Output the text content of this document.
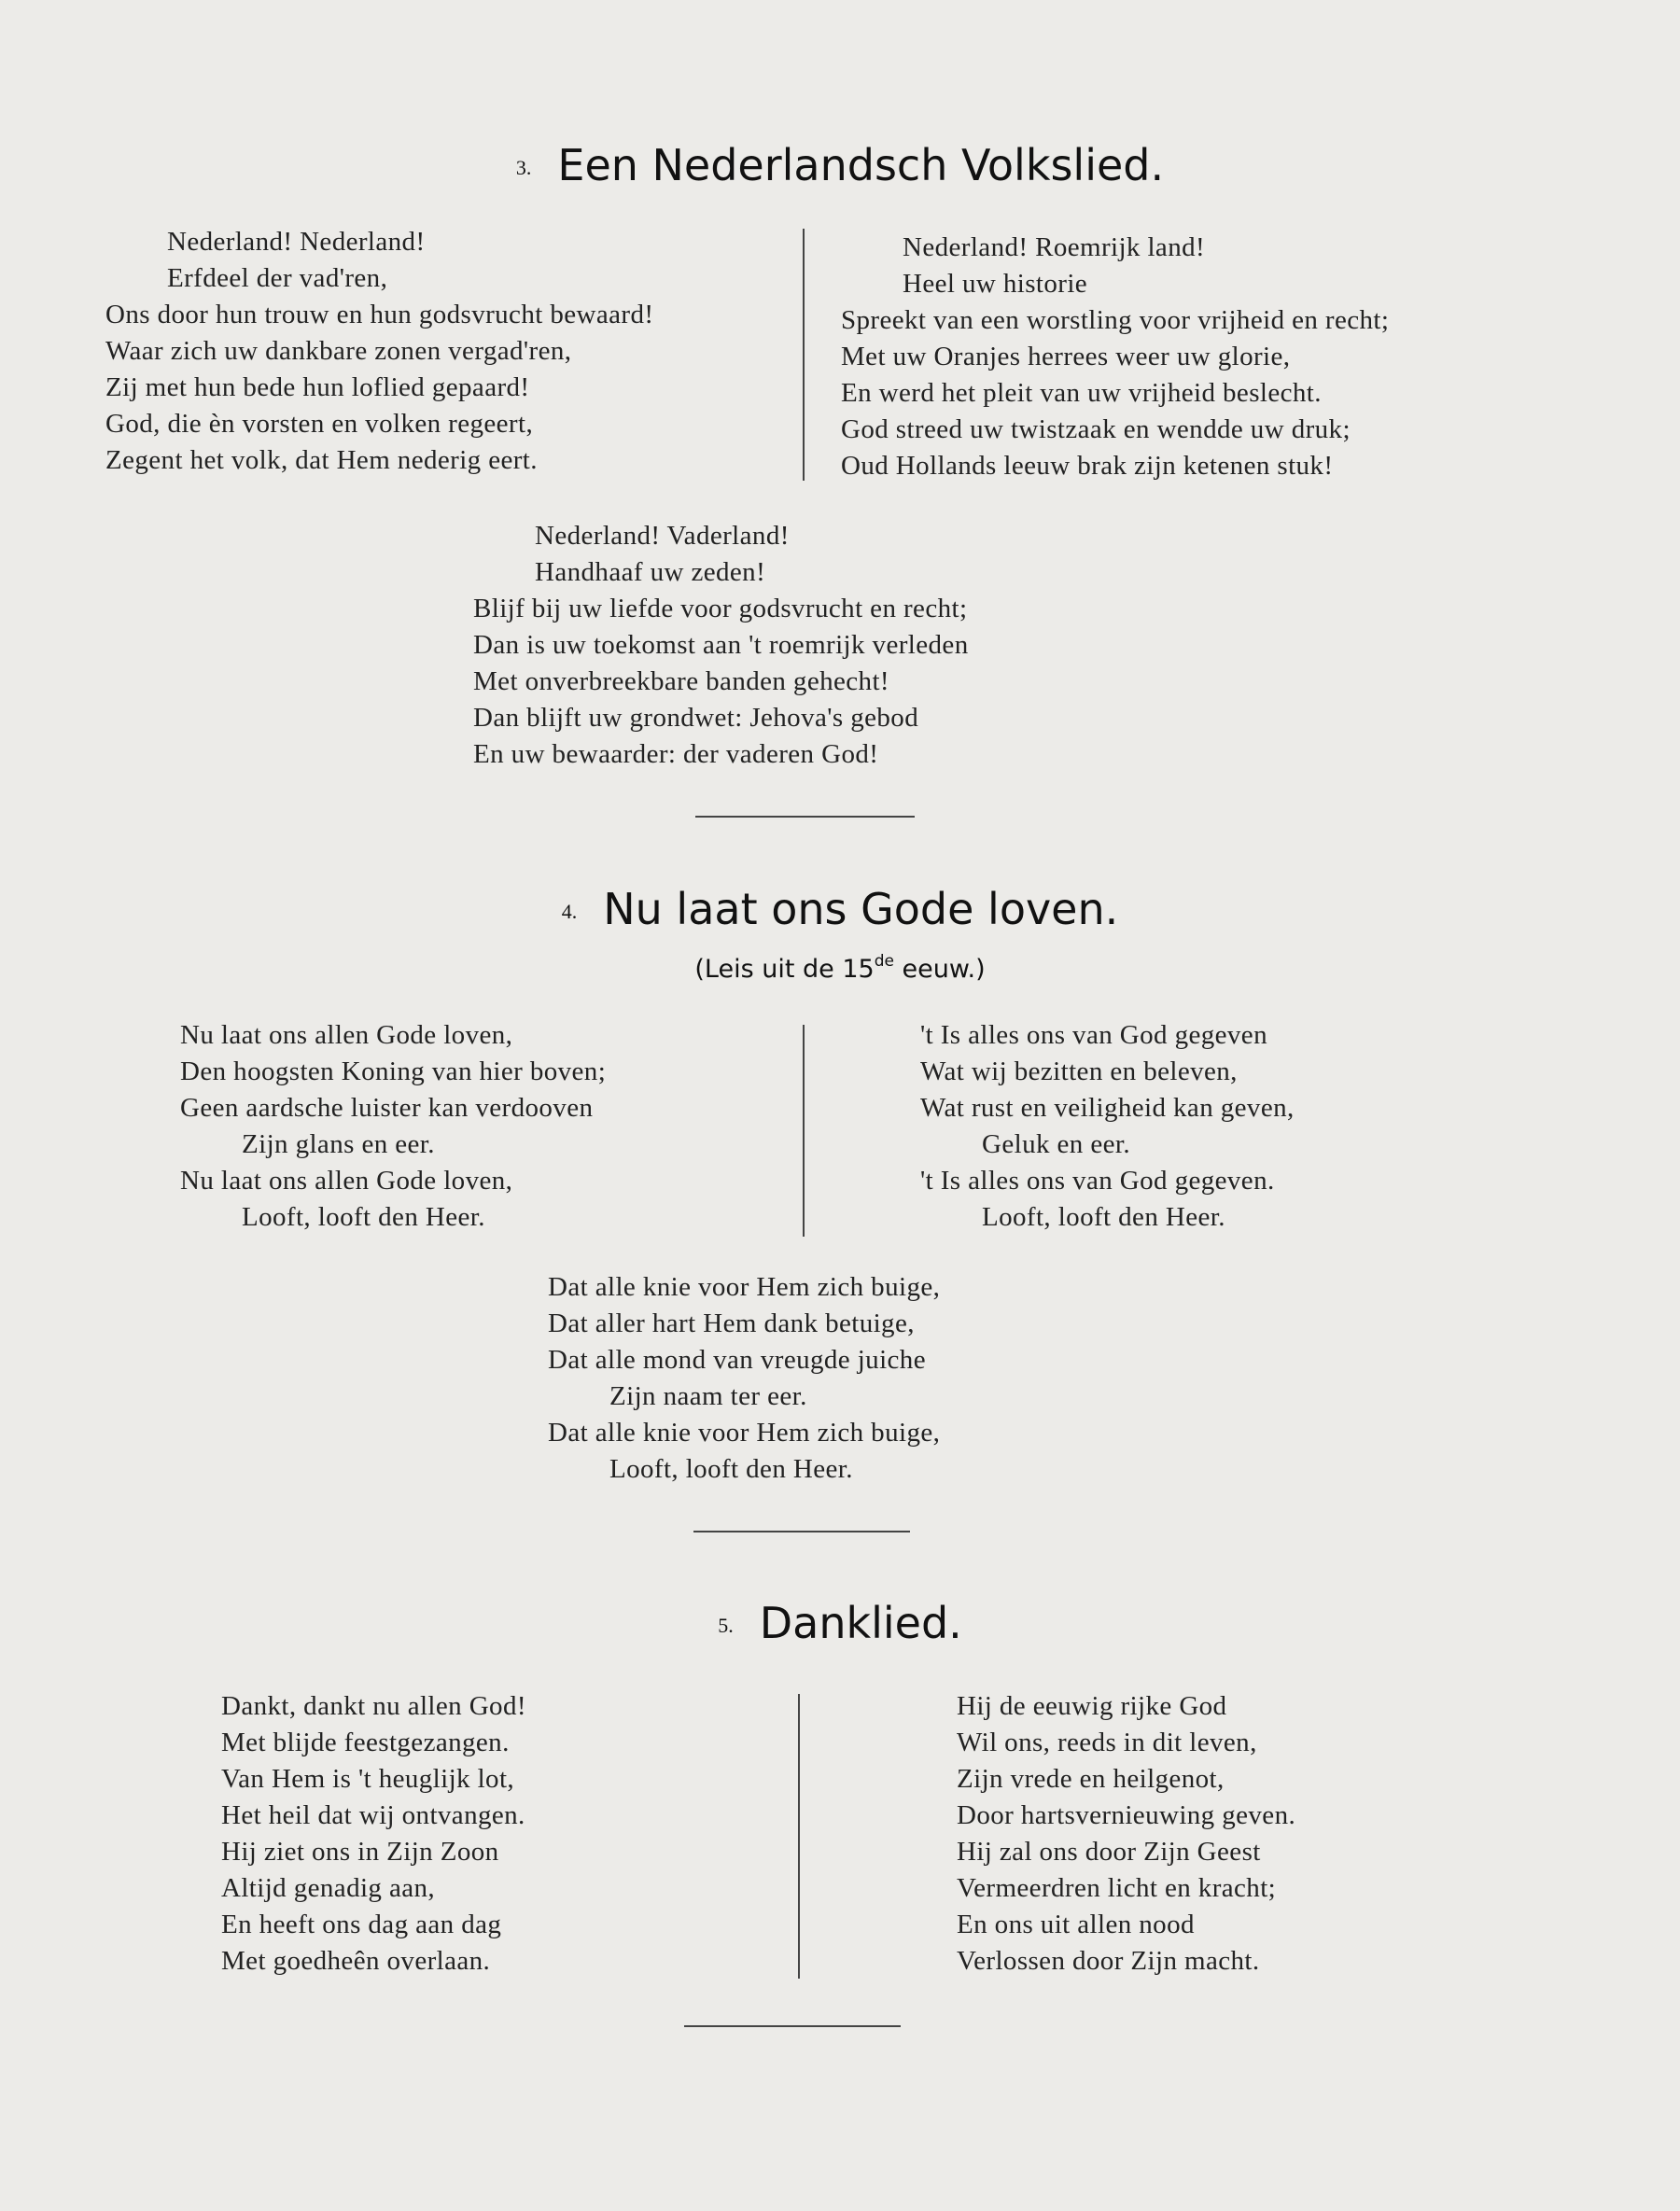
3. Een Nederlandsch Volkslied.
Nederland! Nederland!
Erfdeel der vad'ren,
Ons door hun trouw en hun godsvrucht bewaard!
Waar zich uw dankbare zonen vergad'ren,
Zij met hun bede hun loflied gepaard!
God, die èn vorsten en volken regeert,
Zegent het volk, dat Hem nederig eert.
Nederland! Roemrijk land!
Heel uw historie
Spreekt van een worstling voor vrijheid en recht;
Met uw Oranjes herrees weer uw glorie,
En werd het pleit van uw vrijheid beslecht.
God streed uw twistzaak en wendde uw druk;
Oud Hollands leeuw brak zijn ketenen stuk!
Nederland! Vaderland!
Handhaaf uw zeden!
Blijf bij uw liefde voor godsvrucht en recht;
Dan is uw toekomst aan 't roemrijk verleden
Met onverbreekbare banden gehecht!
Dan blijft uw grondwet: Jehova's gebod
En uw bewaarder: der vaderen God!
4. Nu laat ons Gode loven.
(Leis uit de 15de eeuw.)
Nu laat ons allen Gode loven,
Den hoogsten Koning van hier boven;
Geen aardsche luister kan verdooven
Zijn glans en eer.
Nu laat ons allen Gode loven,
Looft, looft den Heer.
't Is alles ons van God gegeven
Wat wij bezitten en beleven,
Wat rust en veiligheid kan geven,
Geluk en eer.
't Is alles ons van God gegeven.
Looft, looft den Heer.
Dat alle knie voor Hem zich buige,
Dat aller hart Hem dank betuige,
Dat alle mond van vreugde juiche
Zijn naam ter eer.
Dat alle knie voor Hem zich buige,
Looft, looft den Heer.
5. Danklied.
Dankt, dankt nu allen God!
Met blijde feestgezangen.
Van Hem is 't heuglijk lot,
Het heil dat wij ontvangen.
Hij ziet ons in Zijn Zoon
Altijd genadig aan,
En heeft ons dag aan dag
Met goedheên overlaan.
Hij de eeuwig rijke God
Wil ons, reeds in dit leven,
Zijn vrede en heilgenot,
Door hartsvernieuwing geven.
Hij zal ons door Zijn Geest
Vermeerdren licht en kracht;
En ons uit allen nood
Verlossen door Zijn macht.
